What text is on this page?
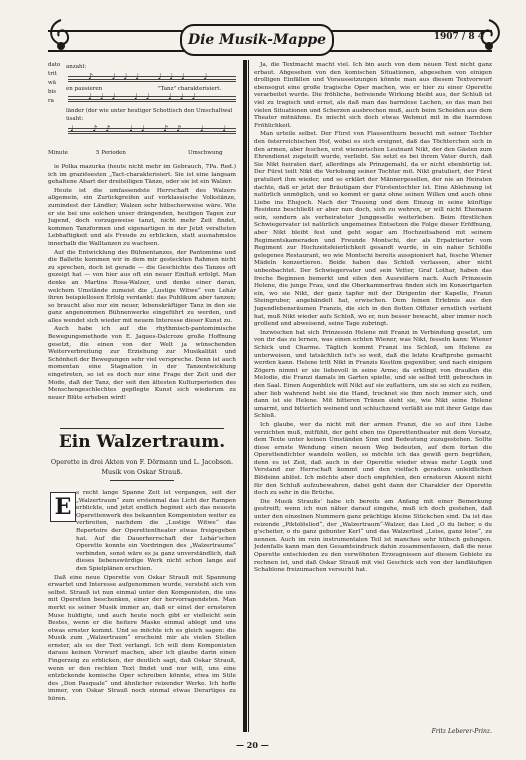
Die Musik-Mappe	1907 / 8 4
dato
trit
wä
bis
ra
anzahl:
♪ ♩♩♩ ♩♩♩ ♩
en pausieren	"Tanz" charakterisiert.
♩♩♩ ♩♩ ♩♩♩
länder (der wie unter heutiger Schottisch den Umschaltwal
üsaht:
♩ ♪♪ ♩♩ ♪♪ ♩ ♩
Minute	5 Perioden	Umschwung

ie Polka mazurka (heute nicht mehr im Gebrauch, 7Pa. Red.) ich im graziösesten „Tact-charakterisiert. Sie ist eine langsam gehaltene Abart der dreiteiligen Tänze, oder sie ist ein Walzer.

Heute ist die umfassendste Herrschaft des Walzers allgemein, ein Zurückgreifen auf vorklassische Volkstänze, zumindest der Ländler; Walzen sehr hübscherweise wäre. Wie er sie bei uns solchen unser drängenden, heutigen Tagen zur Jugend, doch vorzugsweise tanzt, nicht mehr Zeit findet, kommen Tanzformen und eigenartigen in der Jetzt veralteten Lebhaftigkeit und als Freude zu erblicken, statt ausnahmslos innerhalb die Walltanzen zu wachsen.

Auf die Entwicklung des Bühnentanzes, der Pantomime und die Ballette kommen wir in dem mir gesteckten Rahmen nicht zu sprechen, doch ist gerade — die Geschichte des Tanzes oft gezeigt hat — von hier aus oft ein neuer Einfluß erfolgt. Man denke an Martins Rosa-Walzer, und denke einer daran, welchem Umstände zumeist die „Lustige Witwe“ von Lehár ihren beispiellosen Erfolg verdankt: das Publikum aber tanzen; so braucht also nur ein neuer, lebenskräftiger Tanz in den sie ganz angenommen Bühnenwerke eingeführt zu werden, und alles wendet sich wieder mit neuem Interesse dieser Kunst zu.

Auch habe ich auf die rhythmisch-pantomimische Bewegungsmethode von E. Jaques-Dalcroze große Hoffnung gesetzt, die einen von der Welt ja wünschenden Weiterverbreitung zur Erziehung zur Musikalität und Schönheit der Bewegungen sehr viel verspreche. Denn ist auch momentan eine Stagnation in der Tanzentwicklung eingetreten, so ist es doch nur eine Frage der Zeit und der Mode, daß der Tanz, der seit den ältesten Kulturperioden des Menschengeschlechtes gepflegte Kunst sich wiederum zu neuer Blüte erheben wird!

Ein Walzertraum.
Operette in drei Akten von F. Dörmann und L. Jacobson.
Musik von Oskar Strauß.
E

s recht lange Spanne Zeit ist vergangen, seit der „Walzertraum“ zum erstenmal das Licht der Rampen erblickte, und jetzt endlich beginnt sich das neueste Operettenwerk des bekannten Komponisten weiter zu verbreiten, nachdem die „Lustige Witwe“ das Repertoire der Operettentheater etwas freigegeben hat. Auf die Dauerherrschaft der Lehár'schen Operette konnte ein Vordringen des „Walzertraums“ verbinden, sonst wäre es ja ganz unverständlich, daß dieses liebenswürdige Werk nicht schon lange auf den Spielplänen erschien.

Daß eine neue Operette von Oskar Strauß mit Spannung erwartet und Interesse aufgenommen wurde, versteht sich von selbst. Strauß ist nun einmal unter den Komponisten, die uns mit Operetten beschenken, einer der hervorragendsten. Man merkt es seiner Musik immer an, daß er einst der ernsteren Muse huldigte, und auch heute noch gibt er vielleicht sein Bestes, wenn er die heitere Maske einmal ablegt und uns etwas ernster kommt. Und so möchte ich es gleich sagen: die Musik zum „Walzertraum“ erscheint mir als vielen Stellen ernster, als es der Text verlangt. Ich will dem Komponisten daraus keinen Vorwurf machen, aber ich glaube darin einen Fingerzeig zu erblicken, der deutlich sagt, daß Oskar Strauß, wenn er den rechten Text findet und nur will, uns eine entzückende komische Oper schreiben könnte, etwa im Stile des „Don Pasquale“ und ähnlicher reizender Werke. Ich hoffe immer, von Oskar Strauß noch einmal etwas Derartiges zu hören.

Ja, die Textmacht macht viel. Ich bin auch von dem neuen Text nicht ganz erbaut. Abgesehen von den komischen Situationen, abgesehen von einigen drolligen Einfällen und Voraussetzungen könnte man aus diesem Textvorwurf ebensogut eine große tragische Oper machen, wie er hier zu einer Operette verarbeitet wurde. Die fröhliche, befreiende Wirkung bleibt aus, der Schluß ist viel zu tragisch und ernst, als daß man das harmlose Lachen, so das man bei vielen Situationen und Scherzen ausbrechen muß, auch beim Scheiden aus dem Theater mitnähme. Es mischt sich doch etwas Wehmut mit in die harmlose Fröhlichkeit.

Man urteile selbst. Der Fürst von Flausenthurn besucht mit seiner Tochter den österreichischen Hof, wobei es sich ereignet, daß das Töchterchen sich in den armen, aber feschen, erst wienerischen Leutnant Nikt, der den Gästen zum Ehrendienst zugeteilt wurde, verliebt. Sie setzt es bei ihrem Vater durch, daß Sie Nikt heiraten darf, allerdings als Prinzgemahl, da er nicht ebenbürtig ist. Der Fürst teilt Nikt die Verlobung seiner Tochter mit. Nikt gratuliert, der Fürst gratuliert ihm wieder, und so erklärt der Männergesellen, der nie an Heiraten dachte, daß er jetzt der Bräutigam der Fürstentochter ist. Eine Ablehnung ist natürlich unmöglich, und so kommt er ganz ohne seinen Willen und auch ohne Liebe ins Ehejoch. Nach der Trauung und dem Einzug in seine künftige Residenz beschließt er aber nun doch, sich zu wehren, er will nicht Ehemann sein, sondern als verheirateter Junggeselle weiterleben. Beim fürstlichen Schwiegervater ist natürlich ungemeines Entsetzen die Folge dieser Eröffnung, aber Nikt bleibt fest und geht sogar am Hochzeitsabend mit seinem Regimentskameraden und Freunde Montschi, der als Erpatriierter vom Regiment zur Hochzeitsfeierlichkeit gesandt wurde, in ein naher Schlöße gelegenes Restaurant, wo wie Montschi bereits ausspioniert hat, fesche Wiener Mädeln konzertieren. Beide haben das Schloß verlassen, aber nicht unbeobachtet. Der Schwiegervater und sein Vetter, Graf Lothar, haben das freche Beginnen bemerkt und eilen den Ausreißern nach. Auch Prinzessin Helene, die junge Frau, und die Oberkammerfrau finden sich im Konzertgarten ein, wo sie Nikt, der ganz tapfer mit der Dirigentin der Kapelle, Franzi Steingruber, angebändelt hat, erwischen. Dem feinen Erlebnis aus den Jugendlebensräumen Franzis, die sich in den flotten Offizier ernstlich verliebt hat, muß Nikt wieder aufs Schloß, wo er, nun besser bewacht, aber immer noch grollend und abweisend, seine Tage zubringt.

Inzwischen hat sich Prinzessin Helene mit Franzi in Verbindung gesetzt, um von ihr das zu lernen, was einen echten Wiener, was Nikt, fesseln kann: Wiener Schick und Charme. Täglich kommt Franzi ins Schloß, um Helene zu unterweisen, und tatsächlich ist's so weit, daß die letzte Kraftprobe gemacht werden kann. Helene tritt Nikt in Franzis Kostüm gegenüber, und nach einigem Zögern nimmt er sie liebevoll in seine Arme; da erklingt von draußen die Melodie, die Franzi damals im Garten spielte, und sie selbst tritt gebrochen in den Saal. Einen Augenblick will Nikt auf sie zuflattern, um sie so sich zu reißen, aber lieb wahrend hebt sie die Hand, trocknet sie ihm noch immer sich, und dann ist sie Helene. Mit bitteren Tränen sieht sie, wie Nikt seine Helene umarmt, und bitterlich weinend und schluchzend verläßt sie mit ihrer Geige das Schloß.

Ich glaube, wer da nicht mit der armen Franzi, die so auf ihre Liebe verzichten muß, mitfühlt, der geht eben ins Operettentheater mit dem Vorsatz, dem Texte unter keinen Umständen Sinn und Bedeutung zuzugestehen. Sollte diese ernste Wendung einen neuen Weg bedeuten, auf dem fortan die Operettendichter wandeln wollen, so möchte ich das gewiß gern begrüßen, denn es ist Zeit, daß auch in der Operette wieder etwas mehr Logik und Verstand zur Herrschaft kommt und den vielfach geradezu unleidlichen Blödsinn ablöst. Ich möchte aber doch empfehlen, den ernsteren Akzent nicht für den Schluß aufzubewahren, dabei geht dann der Charakter der Operette doch zu sehr in die Brüche.

Die Musik Straußs' habe ich bereits am Anfang mit einer Bemerkung gestreift; wenn ich nun näher darauf eingehe, muß ich doch gestehen, daß unter den einzelnen Nummern ganz prächtige kleine Stückchen sind. Da ist das reizende „Piktolöslied“, der „Walzertraum“-Walzer, das Lied „O du lieber, o du g'scheiter, o du ganz gebunter Kerl“ und das Walzerlied „Leise, ganz leise“, zu nennen. Auch im rein instrumentalen Teil ist manches sehr hübsch gelungen. Jedenfalls kann man den Gesamteindruck dahin zusammenfassen, daß die neue Operette entschieden zu den verwöhnten Erzeugnissen auf diesem Gebiete zu rechnen ist, und daß Oskar Strauß mit viel Geschick sich von der landläufigen Schablone freizumachen versucht hat.

Fritz Leberer-Prinz.
— 20 —
